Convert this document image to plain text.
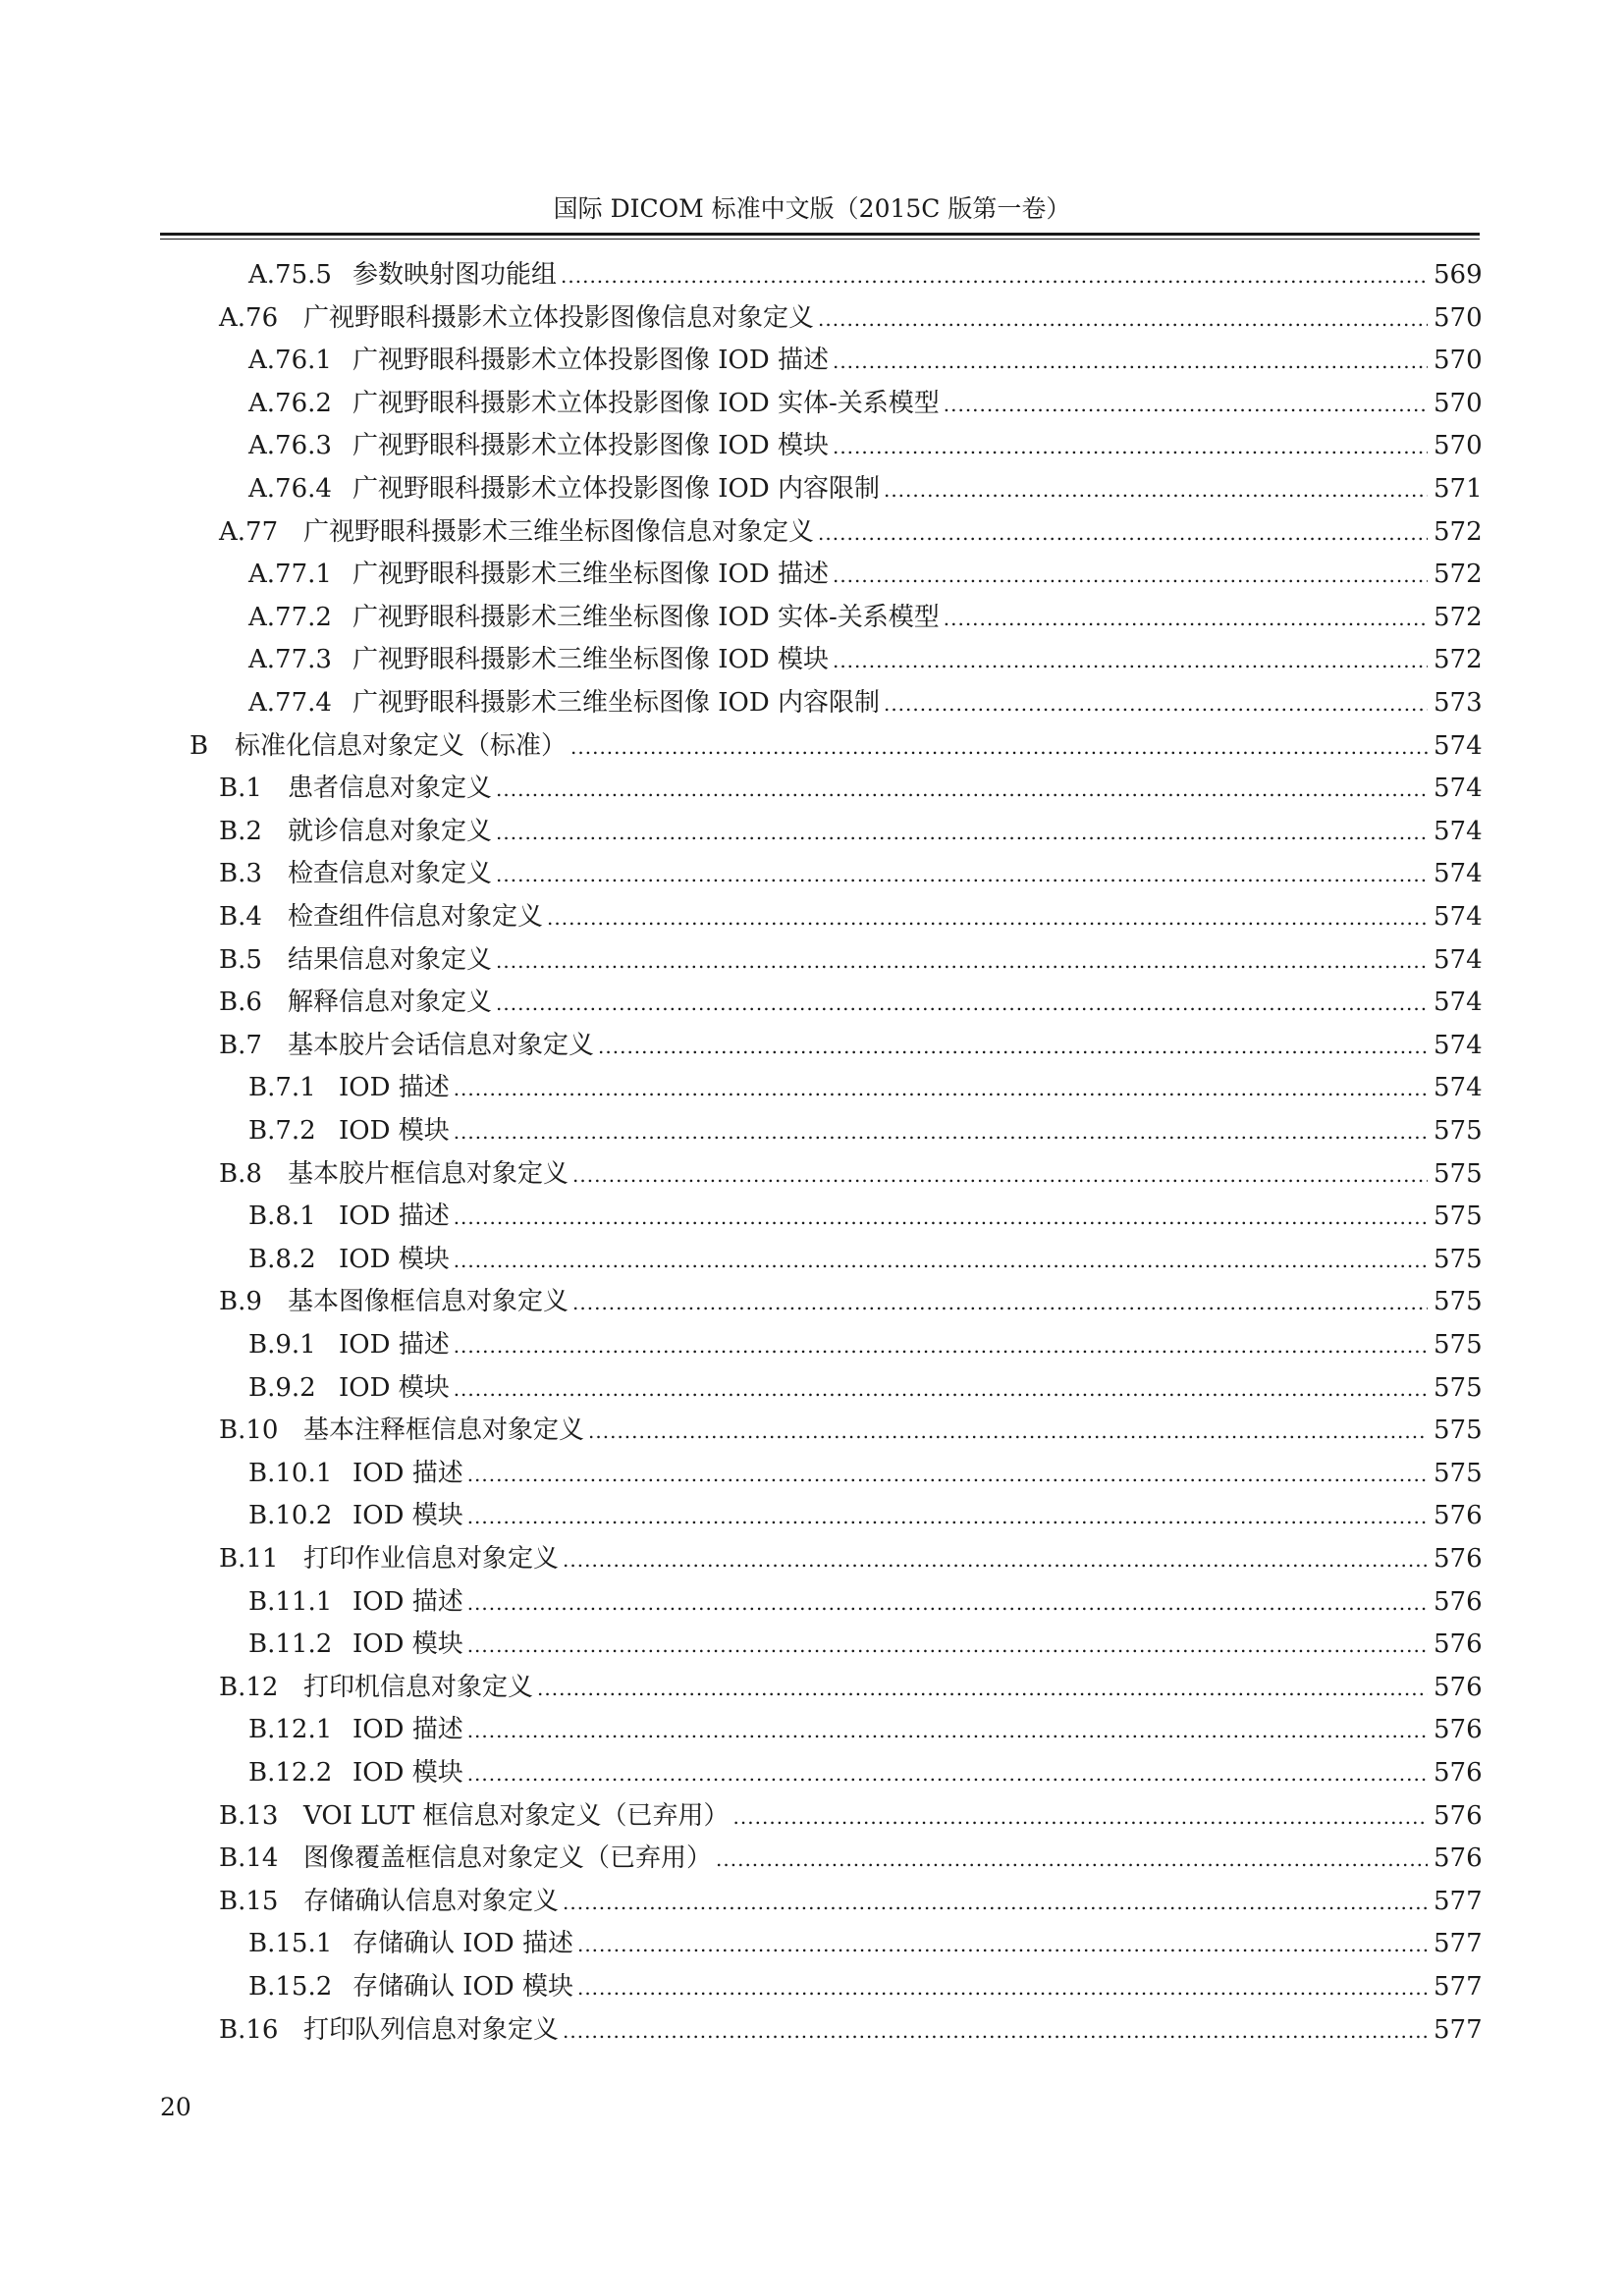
国际 DICOM 标准中文版（2015C 版第一卷）
A.75.5 参数映射图功能组 .....	569
A.76 广视野眼科摄影术立体投影图像信息对象定义 .....	570
A.76.1 广视野眼科摄影术立体投影图像 IOD 描述 .....	570
A.76.2 广视野眼科摄影术立体投影图像 IOD 实体-关系模型 .....	570
A.76.3 广视野眼科摄影术立体投影图像 IOD 模块 .....	570
A.76.4 广视野眼科摄影术立体投影图像 IOD 内容限制 .....	571
A.77 广视野眼科摄影术三维坐标图像信息对象定义 .....	572
A.77.1 广视野眼科摄影术三维坐标图像 IOD 描述 .....	572
A.77.2 广视野眼科摄影术三维坐标图像 IOD 实体-关系模型 .....	572
A.77.3 广视野眼科摄影术三维坐标图像 IOD 模块 .....	572
A.77.4 广视野眼科摄影术三维坐标图像 IOD 内容限制 .....	573
B	标准化信息对象定义（标准） .....	574
B.1	患者信息对象定义 .....	574
B.2	就诊信息对象定义 .....	574
B.3	检查信息对象定义 .....	574
B.4	检查组件信息对象定义 .....	574
B.5	结果信息对象定义 .....	574
B.6	解释信息对象定义 .....	574
B.7	基本胶片会话信息对象定义 .....	574
B.7.1 IOD 描述 .....	574
B.7.2 IOD 模块 .....	575
B.8	基本胶片框信息对象定义 .....	575
B.8.1 IOD 描述 .....	575
B.8.2 IOD 模块 .....	575
B.9	基本图像框信息对象定义 .....	575
B.9.1 IOD 描述 .....	575
B.9.2 IOD 模块 .....	575
B.10 基本注释框信息对象定义 .....	575
B.10.1 IOD 描述 .....	575
B.10.2 IOD 模块 .....	576
B.11 打印作业信息对象定义 .....	576
B.11.1 IOD 描述 .....	576
B.11.2 IOD 模块 .....	576
B.12 打印机信息对象定义 .....	576
B.12.1 IOD 描述 .....	576
B.12.2 IOD 模块 .....	576
B.13 VOI LUT 框信息对象定义（已弃用） .....	576
B.14 图像覆盖框信息对象定义（已弃用） .....	576
B.15 存储确认信息对象定义 .....	577
B.15.1 存储确认 IOD 描述 .....	577
B.15.2 存储确认 IOD 模块 .....	577
B.16 打印队列信息对象定义 .....	577
20
